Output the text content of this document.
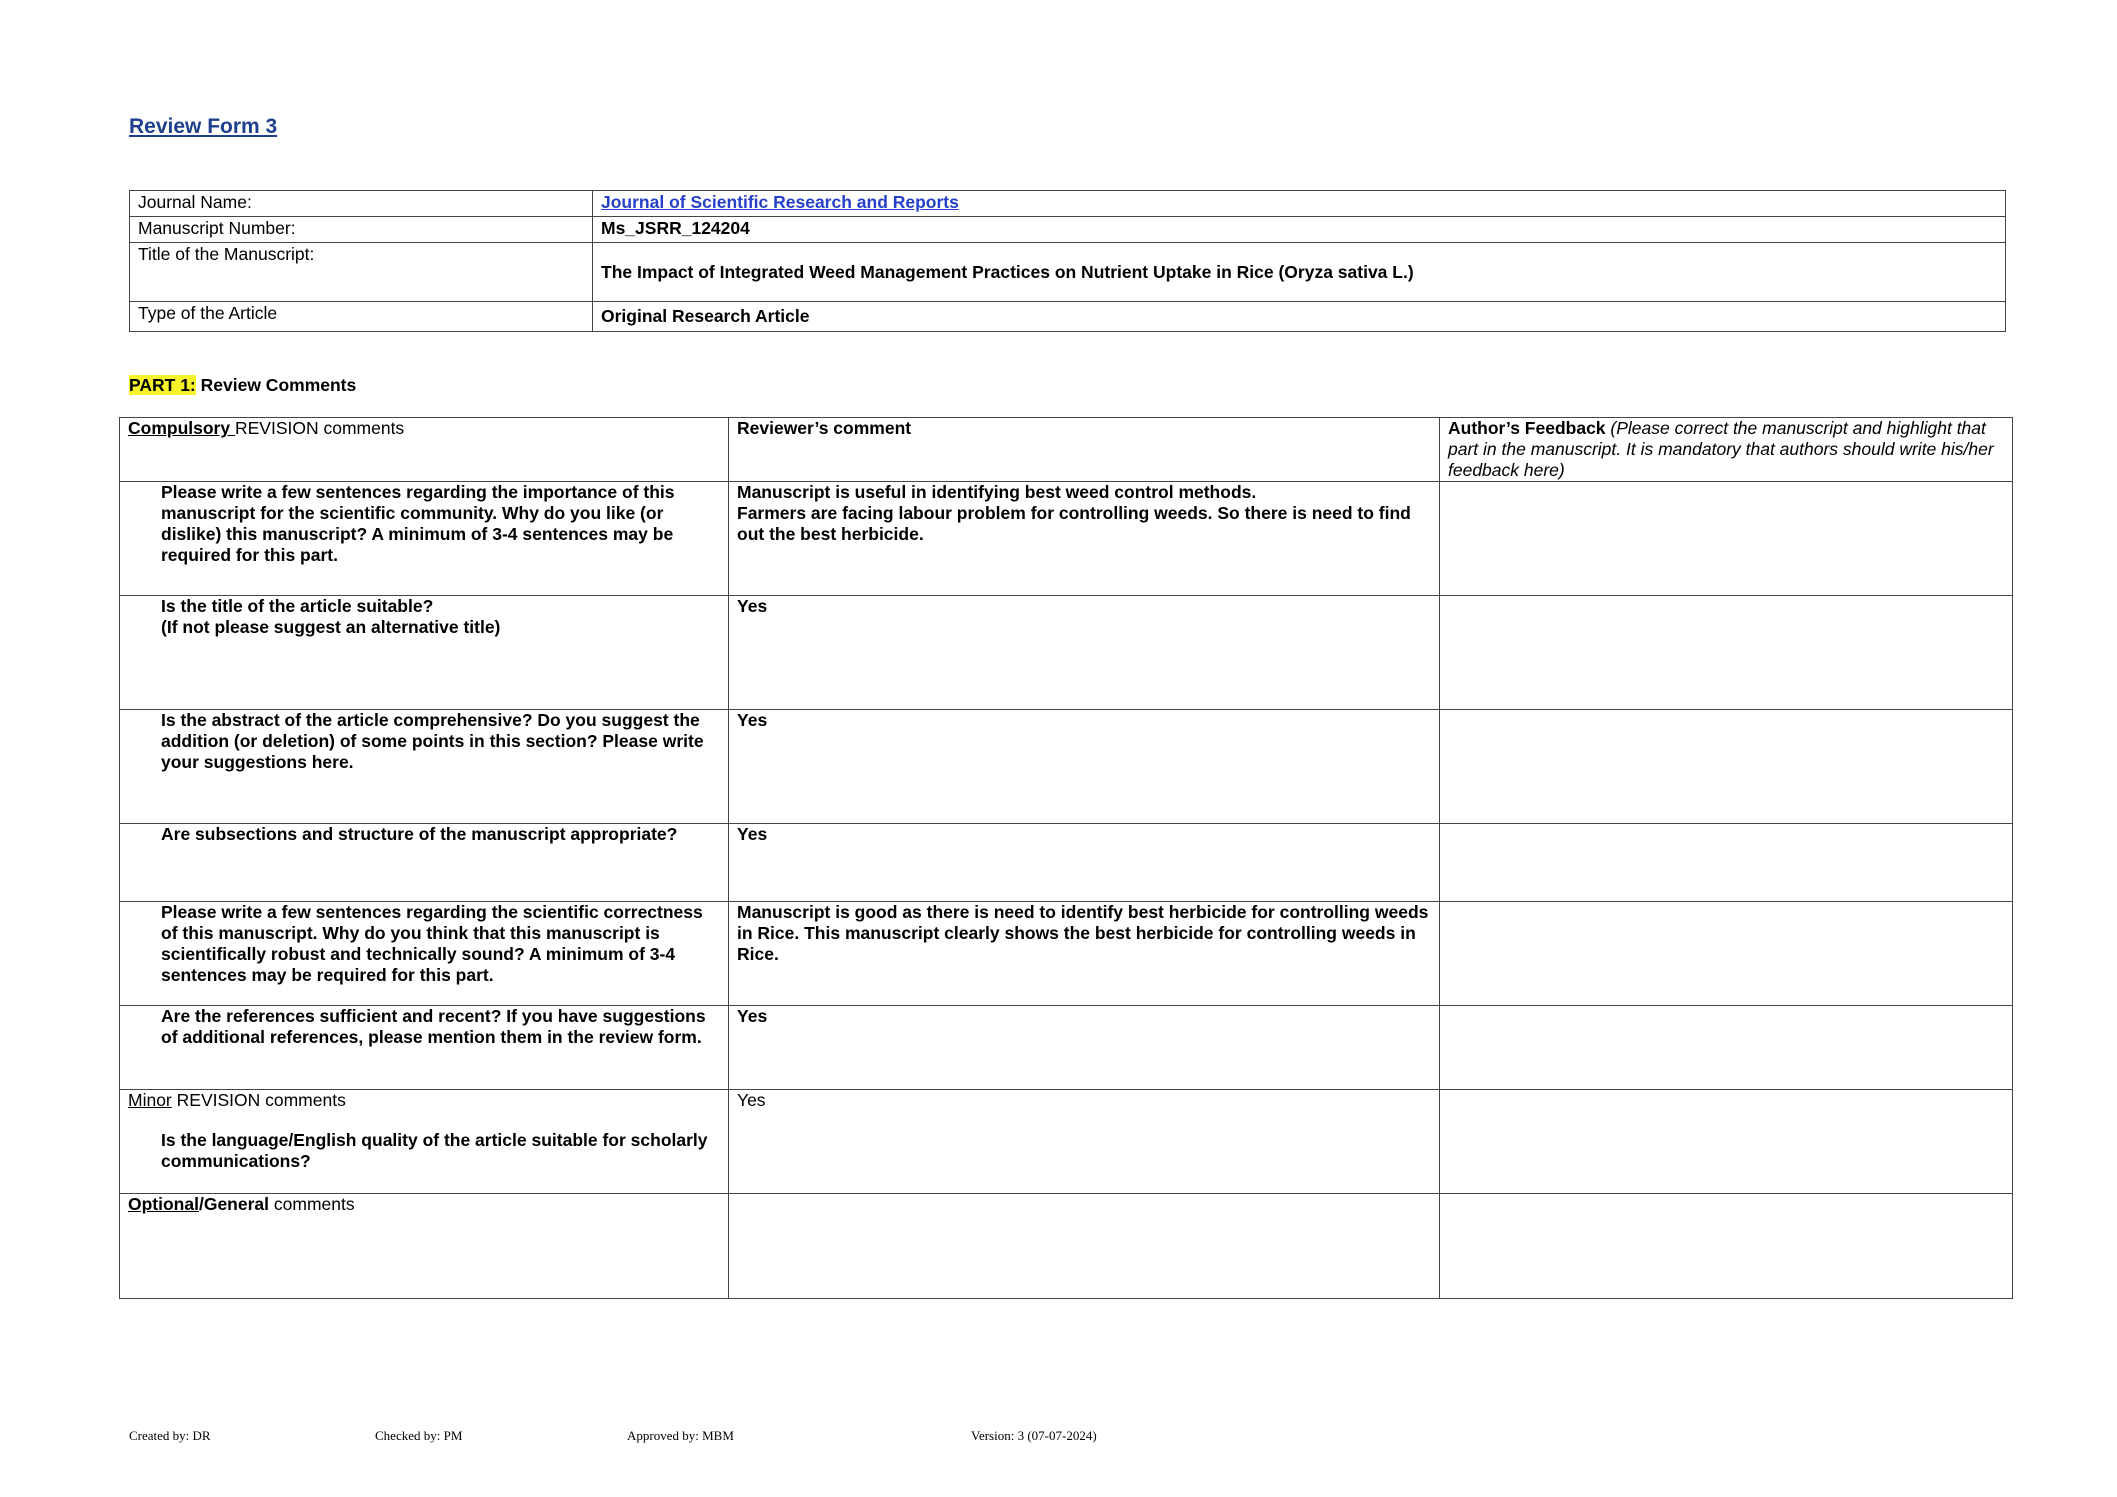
Review Form 3
Journal Name:	Journal of Scientific Research and Reports
Manuscript Number:	Ms_JSRR_124204
Title of the Manuscript:	The Impact of Integrated Weed Management Practices on Nutrient Uptake in Rice (Oryza sativa L.)
Type of the Article	Original Research Article
PART 1: Review Comments
Compulsory REVISION comments	Reviewer’s comment	Author’s Feedback (Please correct the manuscript and highlight that part in the manuscript. It is mandatory that authors should write his/her feedback here)
Please write a few sentences regarding the importance of this manuscript for the scientific community. Why do you like (or dislike) this manuscript? A minimum of 3-4 sentences may be required for this part.	Manuscript is useful in identifying best weed control methods.
Farmers are facing labour problem for controlling weeds. So there is need to find out the best herbicide.	

Is the title of the article suitable?
(If not please suggest an alternative title)	Yes	
Is the abstract of the article comprehensive? Do you suggest the addition (or deletion) of some points in this section? Please write your suggestions here.	Yes	
Are subsections and structure of the manuscript appropriate?	Yes	
Please write a few sentences regarding the scientific correctness of this manuscript. Why do you think that this manuscript is scientifically robust and technically sound? A minimum of 3-4 sentences may be required for this part.	Manuscript is good as there is need to identify best herbicide for controlling weeds in Rice. This manuscript clearly shows the best herbicide for controlling weeds in Rice.	
Are the references sufficient and recent? If you have suggestions of additional references, please mention them in the review form.	Yes	

Minor REVISION comments
Is the language/English quality of the article suitable for scholarly communications?	Yes	
Optional/General comments		
Created by: DR	Checked by: PM	Approved by: MBM	Version: 3 (07-07-2024)
